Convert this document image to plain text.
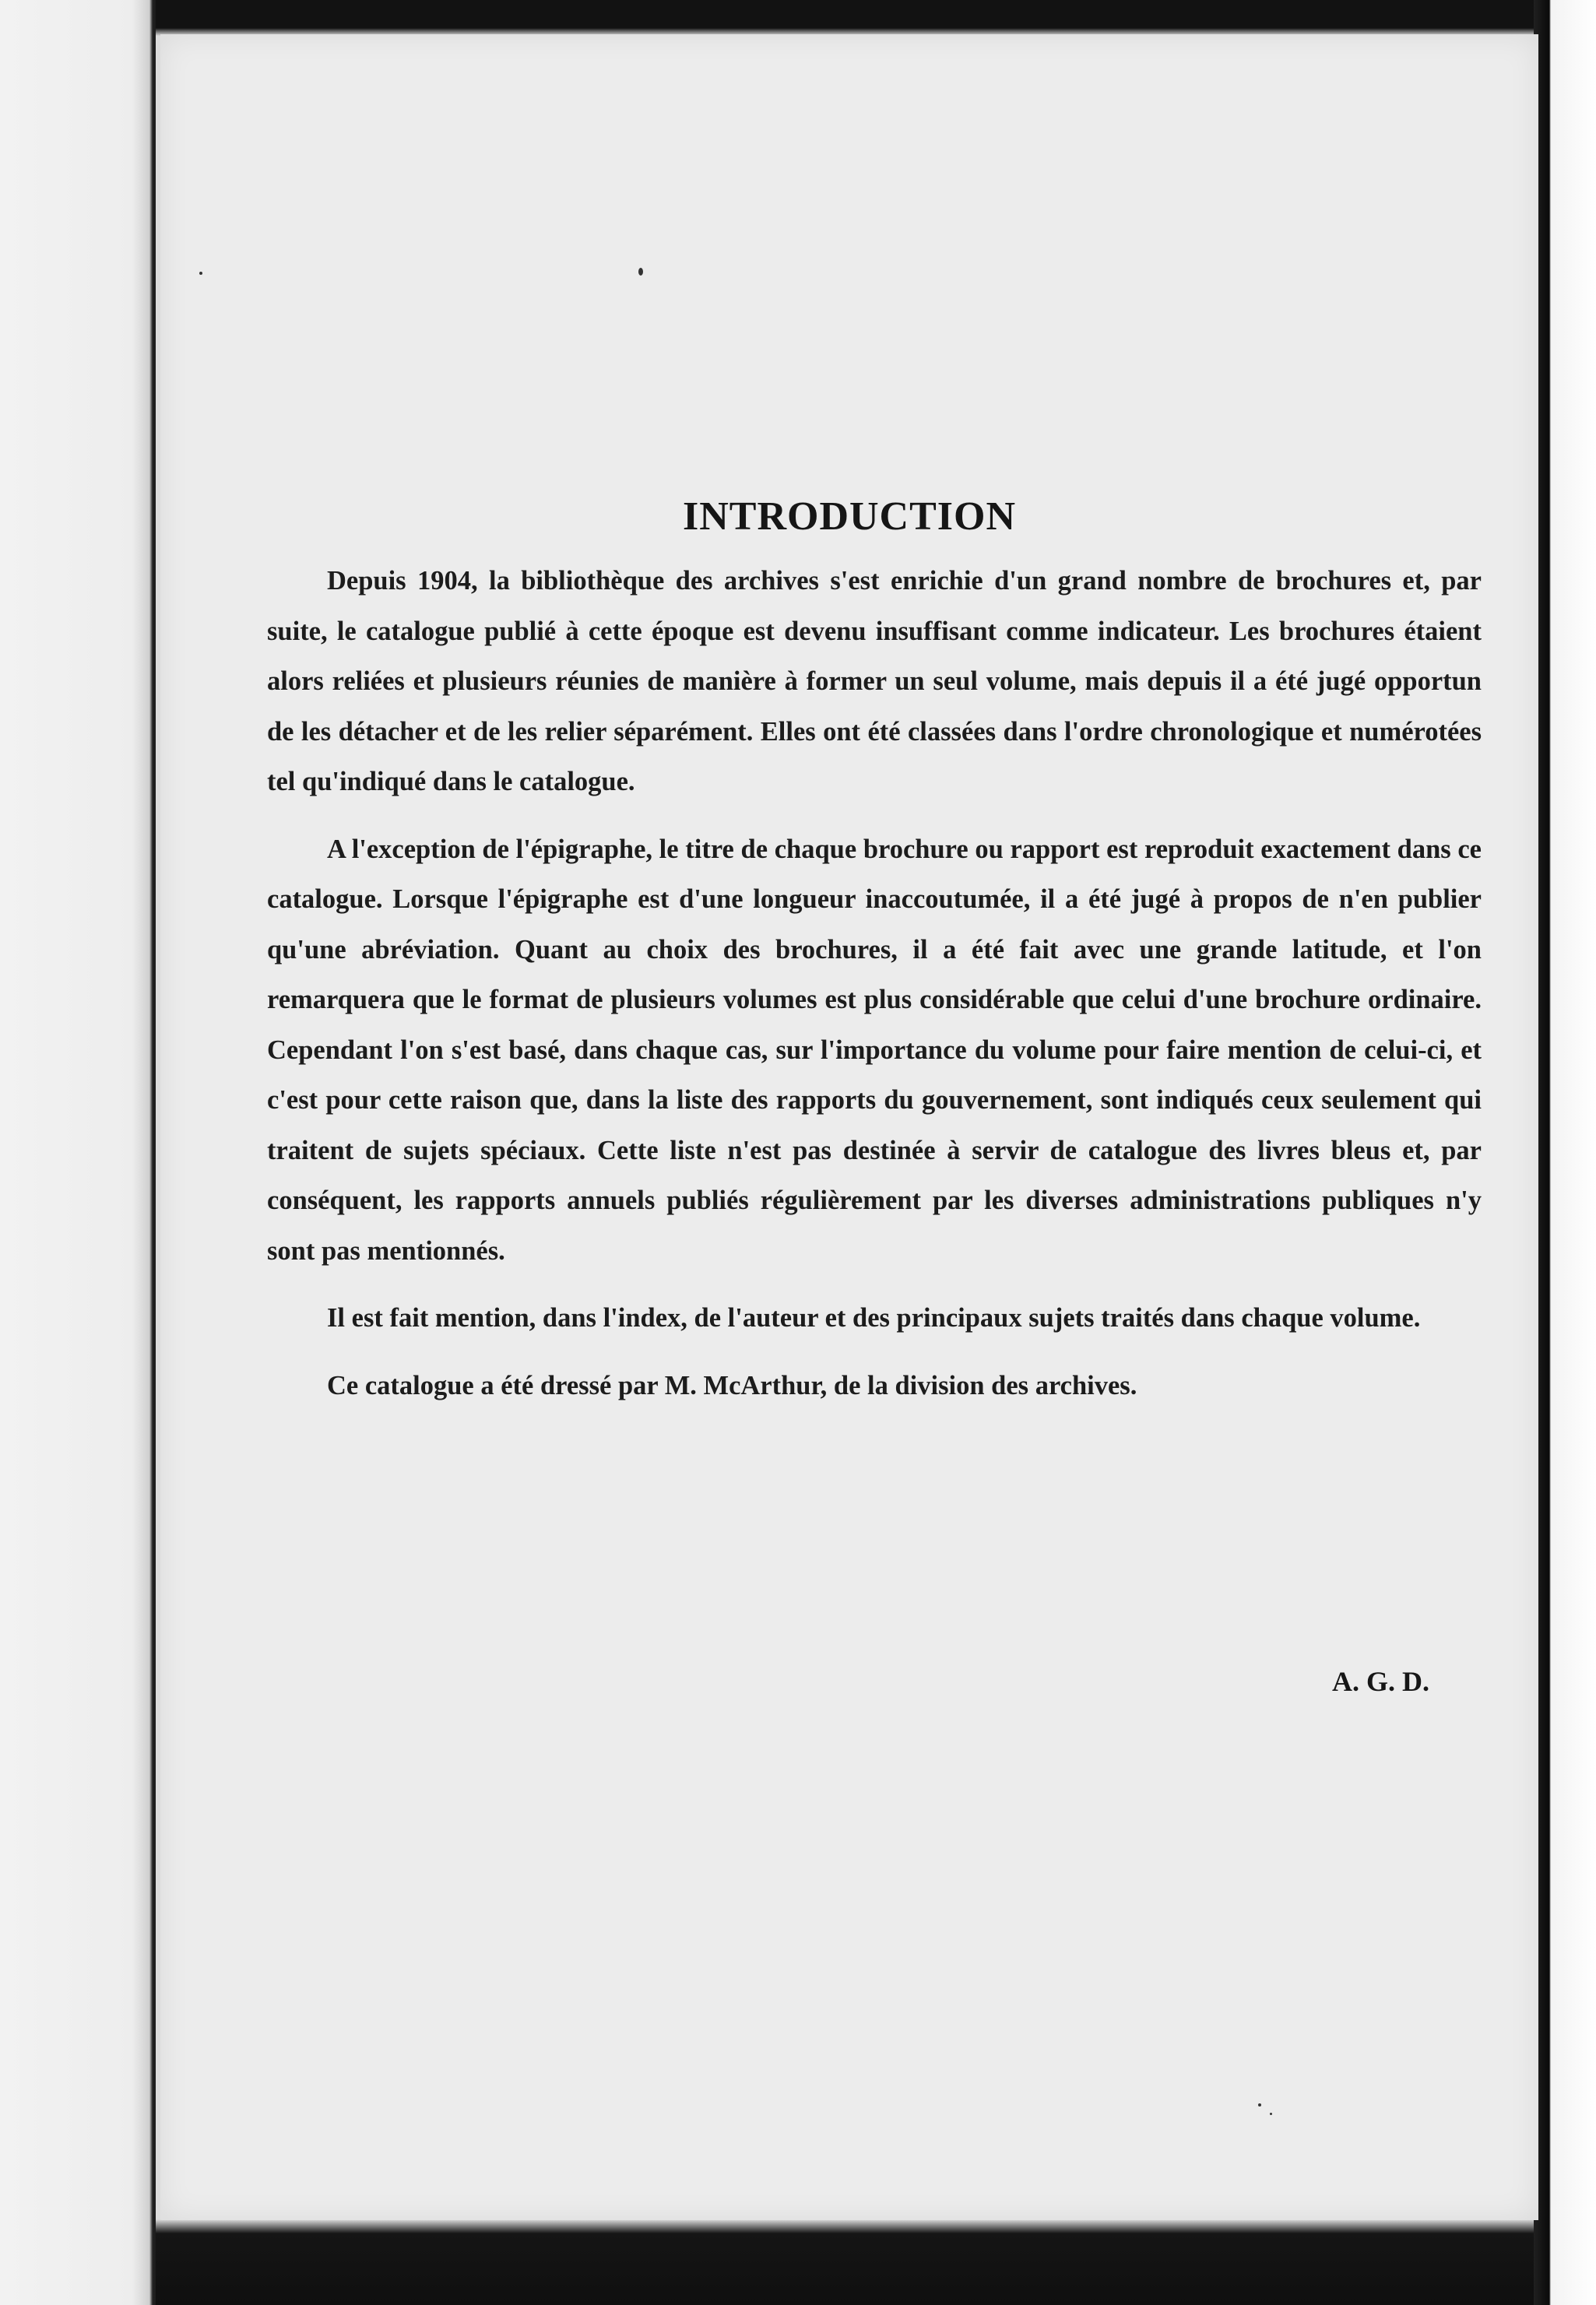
INTRODUCTION

Depuis 1904, la bibliothèque des archives s'est enrichie d'un grand nombre de brochures et, par suite, le catalogue publié à cette époque est devenu insuffisant comme indicateur. Les brochures étaient alors reliées et plusieurs réunies de manière à former un seul volume, mais depuis il a été jugé opportun de les détacher et de les relier séparément. Elles ont été classées dans l'ordre chronologique et numérotées tel qu'indiqué dans le catalogue.

A l'exception de l'épigraphe, le titre de chaque brochure ou rapport est reproduit exactement dans ce catalogue. Lorsque l'épigraphe est d'une longueur inaccoutumée, il a été jugé à propos de n'en publier qu'une abréviation. Quant au choix des brochures, il a été fait avec une grande latitude, et l'on remarquera que le format de plusieurs volumes est plus considérable que celui d'une brochure ordinaire. Cependant l'on s'est basé, dans chaque cas, sur l'importance du volume pour faire mention de celui-ci, et c'est pour cette raison que, dans la liste des rapports du gouvernement, sont indiqués ceux seulement qui traitent de sujets spéciaux. Cette liste n'est pas destinée à servir de catalogue des livres bleus et, par conséquent, les rapports annuels publiés régulièrement par les diverses administrations publiques n'y sont pas mentionnés.

Il est fait mention, dans l'index, de l'auteur et des principaux sujets traités dans chaque volume.

Ce catalogue a été dressé par M. McArthur, de la division des archives.

A. G. D.
